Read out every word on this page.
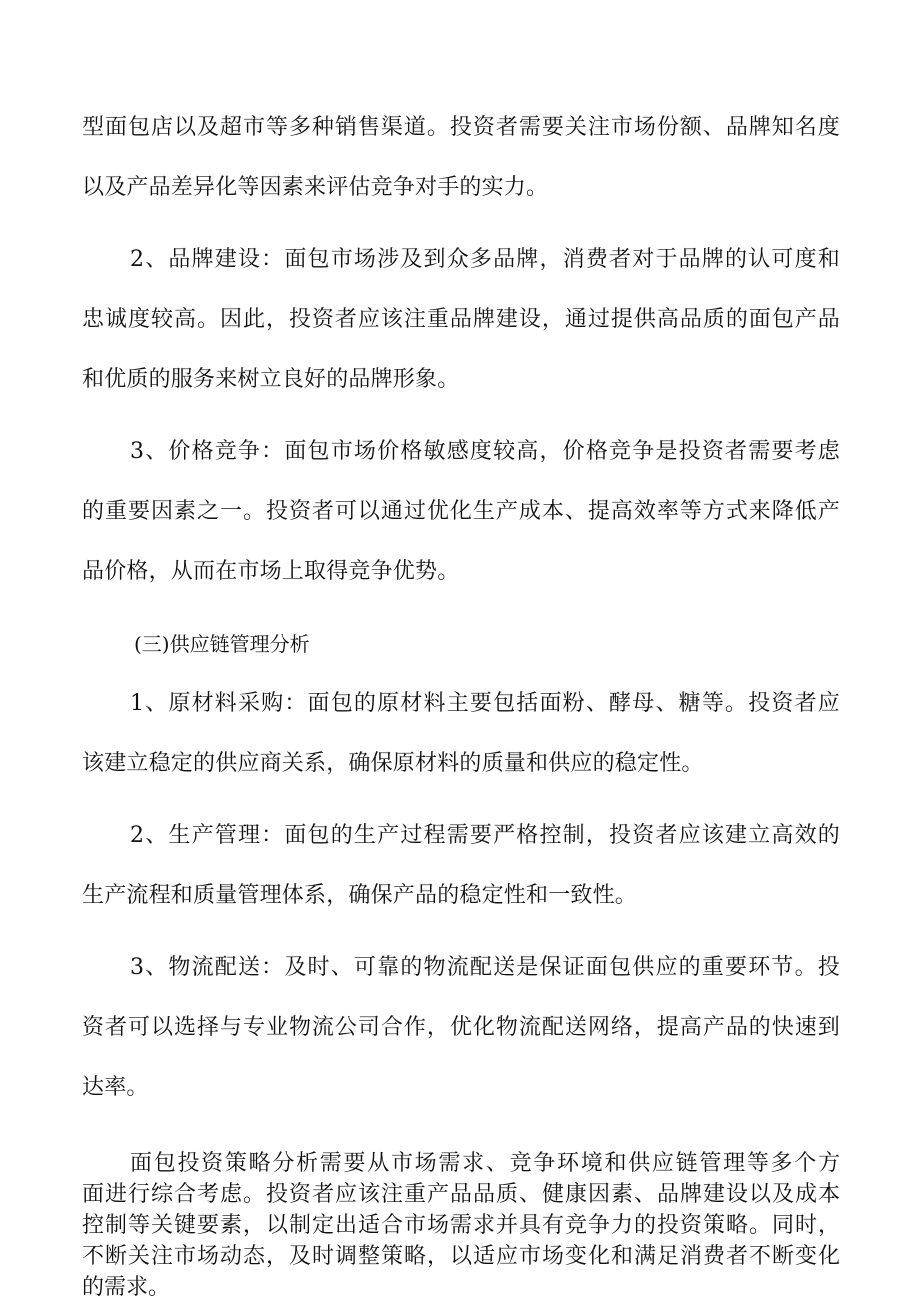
型面包店以及超市等多种销售渠道。投资者需要关注市场份额、品牌知名度

以及产品差异化等因素来评估竞争对手的实力。

2、品牌建设：面包市场涉及到众多品牌，消费者对于品牌的认可度和

忠诚度较高。因此，投资者应该注重品牌建设，通过提供高品质的面包产品

和优质的服务来树立良好的品牌形象。

3、价格竞争：面包市场价格敏感度较高，价格竞争是投资者需要考虑

的重要因素之一。投资者可以通过优化生产成本、提高效率等方式来降低产

品价格，从而在市场上取得竞争优势。

(三)供应链管理分析

1、原材料采购：面包的原材料主要包括面粉、酵母、糖等。投资者应

该建立稳定的供应商关系，确保原材料的质量和供应的稳定性。

2、生产管理：面包的生产过程需要严格控制，投资者应该建立高效的

生产流程和质量管理体系，确保产品的稳定性和一致性。

3、物流配送：及时、可靠的物流配送是保证面包供应的重要环节。投

资者可以选择与专业物流公司合作，优化物流配送网络，提高产品的快速到

达率。

面包投资策略分析需要从市场需求、竞争环境和供应链管理等多个方

面进行综合考虑。投资者应该注重产品品质、健康因素、品牌建设以及成本

控制等关键要素，以制定出适合市场需求并具有竞争力的投资策略。同时，

不断关注市场动态，及时调整策略，以适应市场变化和满足消费者不断变化

的需求。
